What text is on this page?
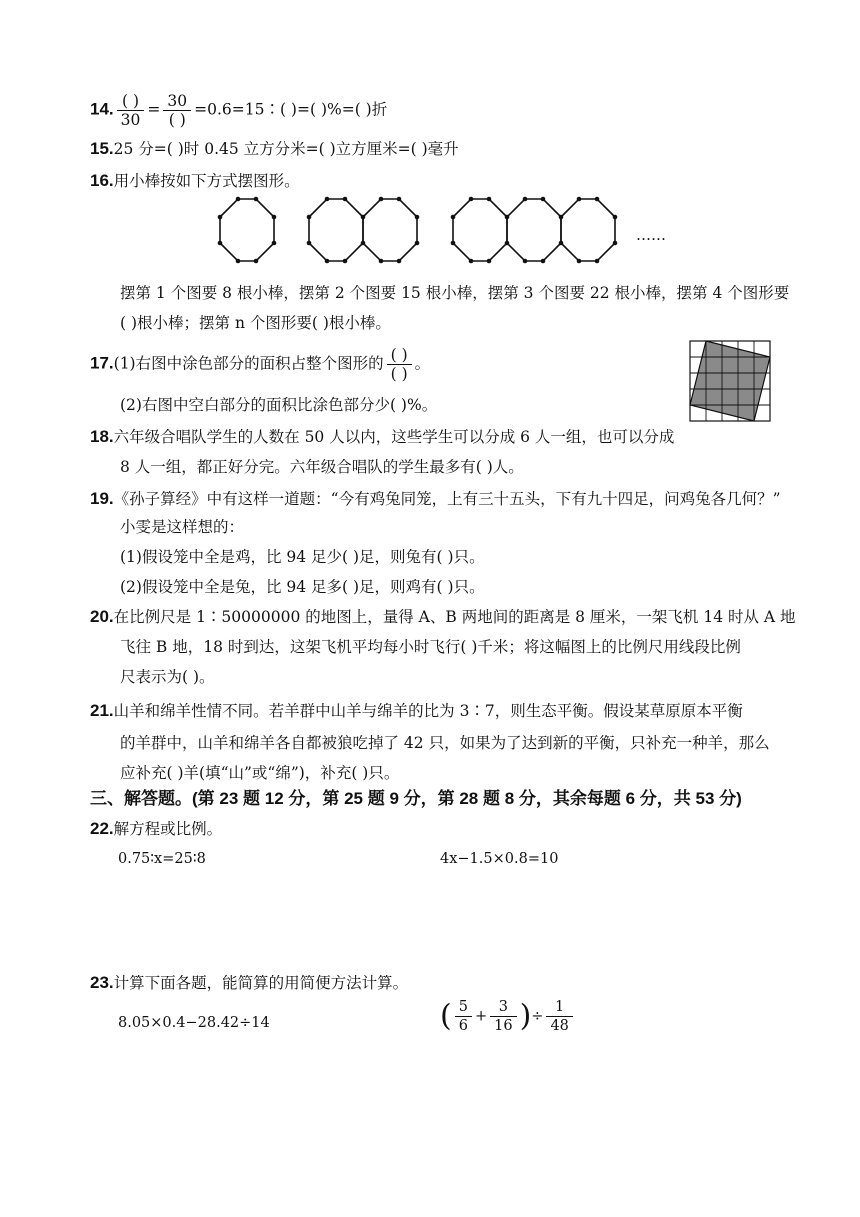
14. $\frac{( )}{30} = \frac{30}{( )}$ =0.6=15∶( )=( )%=( )折
15.25 分=( )时 0.45 立方分米=( )立方厘米=( )毫升
16.用小棒按如下方式摆图形。
……
摆第 1 个图要 8 根小棒，摆第 2 个图要 15 根小棒，摆第 3 个图要 22 根小棒，摆第 4 个图形要
( )根小棒；摆第 n 个图形要( )根小棒。
17.(1)右图中涂色部分的面积占整个图形的 $\frac{( )}{( )}$ 。
(2)右图中空白部分的面积比涂色部分少( )%。
18.六年级合唱队学生的人数在 50 人以内，这些学生可以分成 6 人一组，也可以分成
8 人一组，都正好分完。六年级合唱队的学生最多有( )人。
19.《孙子算经》中有这样一道题：“今有鸡兔同笼，上有三十五头，下有九十四足，问鸡兔各几何？”
小雯是这样想的：
(1)假设笼中全是鸡，比 94 足少( )足，则兔有( )只。
(2)假设笼中全是兔，比 94 足多( )足，则鸡有( )只。
20.在比例尺是 1∶50000000 的地图上，量得 A、B 两地间的距离是 8 厘米，一架飞机 14 时从 A 地
飞往 B 地，18 时到达，这架飞机平均每小时飞行( )千米；将这幅图上的比例尺用线段比例
尺表示为( )。
21.山羊和绵羊性情不同。若羊群中山羊与绵羊的比为 3∶7，则生态平衡。假设某草原原本平衡
的羊群中，山羊和绵羊各自都被狼吃掉了 42 只，如果为了达到新的平衡，只补充一种羊，那么
应补充( )羊(填“山”或“绵”)，补充( )只。
三、解答题。(第 23 题 12 分，第 25 题 9 分，第 28 题 8 分，其余每题 6 分，共 53 分)
22.解方程或比例。
0.75∶x=25∶8	4x−1.5×0.8=10
23.计算下面各题，能简算的用简便方法计算。
8.05×0.4−28.42÷14	( $\frac{5}{6} + \frac{3}{16}$ )÷ $\frac{1}{48}$
